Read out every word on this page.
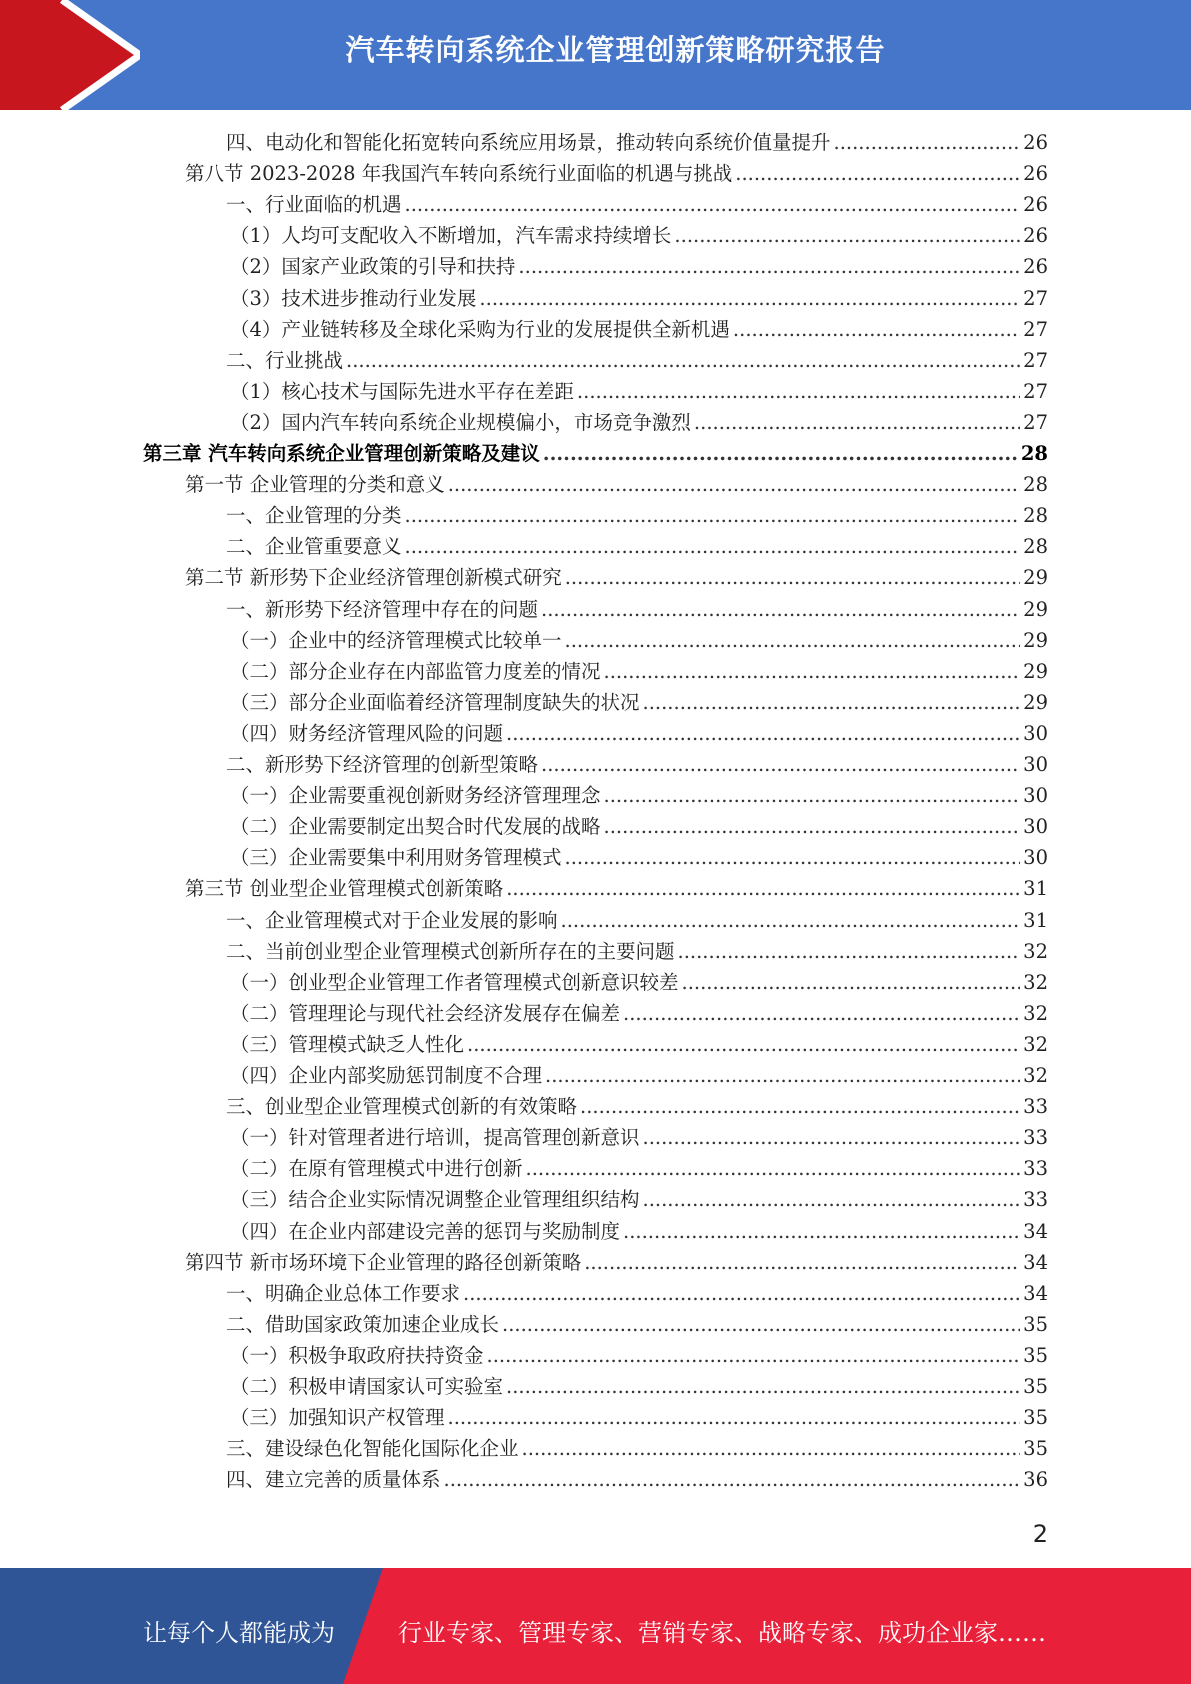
汽车转向系统企业管理创新策略研究报告
四、电动化和智能化拓宽转向系统应用场景，推动转向系统价值量提升 .....	26
第八节 2023-2028 年我国汽车转向系统行业面临的机遇与挑战 .....	26
一、行业面临的机遇 .....	26
（1）人均可支配收入不断增加，汽车需求持续增长 .....	26
（2）国家产业政策的引导和扶持 .....	26
（3）技术进步推动行业发展 .....	27
（4）产业链转移及全球化采购为行业的发展提供全新机遇 .....	27
二、行业挑战 .....	27
（1）核心技术与国际先进水平存在差距 .....	27
（2）国内汽车转向系统企业规模偏小，市场竞争激烈 .....	27
第三章 汽车转向系统企业管理创新策略及建议 .....	28
第一节 企业管理的分类和意义 .....	28
一、企业管理的分类 .....	28
二、企业管重要意义 .....	28
第二节 新形势下企业经济管理创新模式研究 .....	29
一、新形势下经济管理中存在的问题 .....	29
（一）企业中的经济管理模式比较单一 .....	29
（二）部分企业存在内部监管力度差的情况 .....	29
（三）部分企业面临着经济管理制度缺失的状况 .....	29
（四）财务经济管理风险的问题 .....	30
二、新形势下经济管理的创新型策略 .....	30
（一）企业需要重视创新财务经济管理理念 .....	30
（二）企业需要制定出契合时代发展的战略 .....	30
（三）企业需要集中利用财务管理模式 .....	30
第三节 创业型企业管理模式创新策略 .....	31
一、企业管理模式对于企业发展的影响 .....	31
二、当前创业型企业管理模式创新所存在的主要问题 .....	32
（一）创业型企业管理工作者管理模式创新意识较差 .....	32
（二）管理理论与现代社会经济发展存在偏差 .....	32
（三）管理模式缺乏人性化 .....	32
（四）企业内部奖励惩罚制度不合理 .....	32
三、创业型企业管理模式创新的有效策略 .....	33
（一）针对管理者进行培训，提高管理创新意识 .....	33
（二）在原有管理模式中进行创新 .....	33
（三）结合企业实际情况调整企业管理组织结构 .....	33
（四）在企业内部建设完善的惩罚与奖励制度 .....	34
第四节 新市场环境下企业管理的路径创新策略 .....	34
一、明确企业总体工作要求 .....	34
二、借助国家政策加速企业成长 .....	35
（一）积极争取政府扶持资金 .....	35
（二）积极申请国家认可实验室 .....	35
（三）加强知识产权管理 .....	35
三、建设绿色化智能化国际化企业 .....	35
四、建立完善的质量体系 .....	36
2
让每个人都能成为	行业专家、管理专家、营销专家、战略专家、成功企业家……
